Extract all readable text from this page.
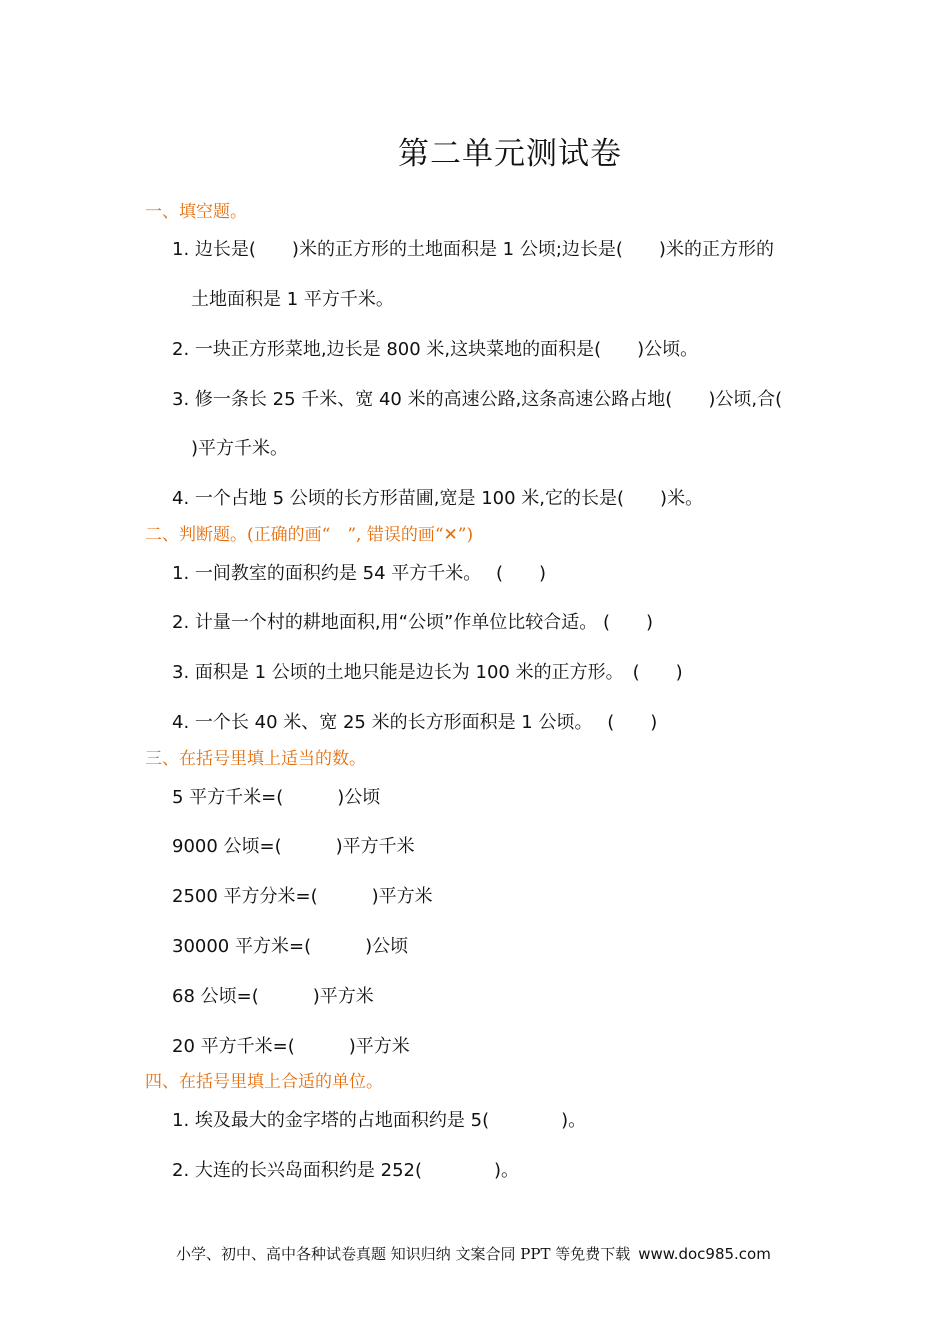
第二单元测试卷
一、填空题。
1. 边长是(　　)米的正方形的土地面积是 1 公顷;边长是(　　)米的正方形的
土地面积是 1 平方千米。
2. 一块正方形菜地,边长是 800 米,这块菜地的面积是(　　)公顷。
3. 修一条长 25 千米、宽 40 米的高速公路,这条高速公路占地(　　)公顷,合(
)平方千米。
4. 一个占地 5 公顷的长方形苗圃,宽是 100 米,它的长是(　　)米。
二、判断题。(正确的画“　”, 错误的画“✕”)
1. 一间教室的面积约是 54 平方千米。　 (　　)
2. 计量一个村的耕地面积,用“公顷”作单位比较合适。 (　　)
3. 面积是 1 公顷的土地只能是边长为 100 米的正方形。　(　　)
4. 一个长 40 米、宽 25 米的长方形面积是 1 公顷。　 (　　)
三、在括号里填上适当的数。
5 平方千米=(　　　)公顷
9000 公顷=(　　　)平方千米
2500 平方分米=(　　　)平方米
30000 平方米=(　　　)公顷
68 公顷=(　　　)平方米
20 平方千米=(　　　)平方米
四、在括号里填上合适的单位。
1. 埃及最大的金字塔的占地面积约是 5(　　　　)。
2. 大连的长兴岛面积约是 252(　　　　)。
小学、初中、高中各种试卷真题 知识归纳 文案合同 PPT 等免费下载 www.doc985.com
